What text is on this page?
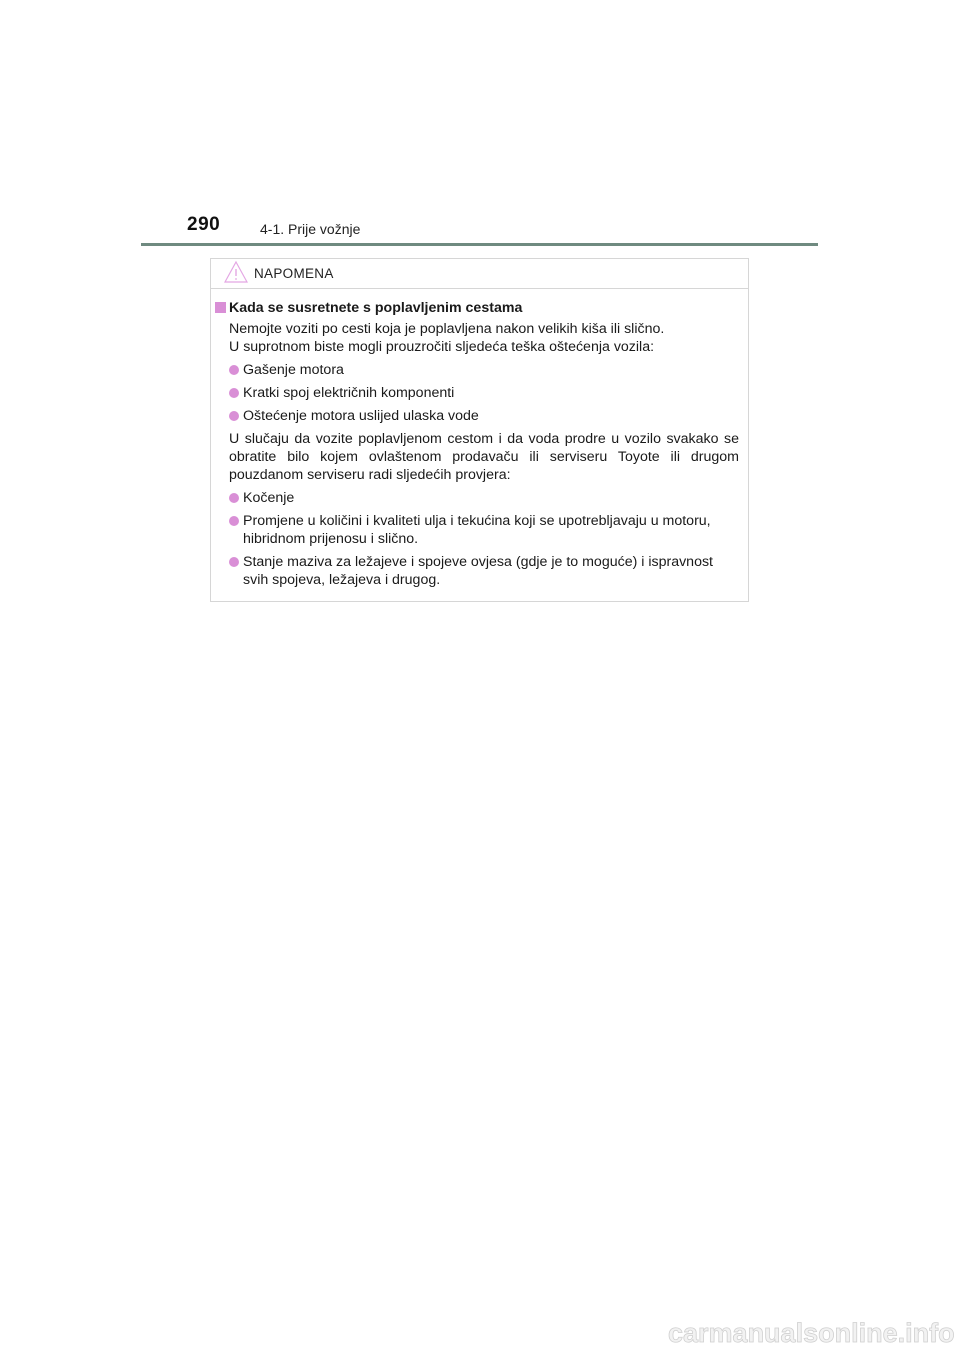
290	4-1. Prije vožnje
NAPOMENA
Kada se susretnete s poplavljenim cestama
Nemojte voziti po cesti koja je poplavljena nakon velikih kiša ili slično.
U suprotnom biste mogli prouzročiti sljedeća teška oštećenja vozila:
Gašenje motora
Kratki spoj električnih komponenti
Oštećenje motora uslijed ulaska vode
U slučaju da vozite poplavljenom cestom i da voda prodre u vozilo svakako se obratite bilo kojem ovlaštenom prodavaču ili serviseru Toyote ili drugom pouzdanom serviseru radi sljedećih provjera:
Kočenje
Promjene u količini i kvaliteti ulja i tekućina koji se upotrebljavaju u motoru, hibridnom prijenosu i slično.
Stanje maziva za ležajeve i spojeve ovjesa (gdje je to moguće) i ispravnost svih spojeva, ležajeva i drugog.
carmanualsonline.info
